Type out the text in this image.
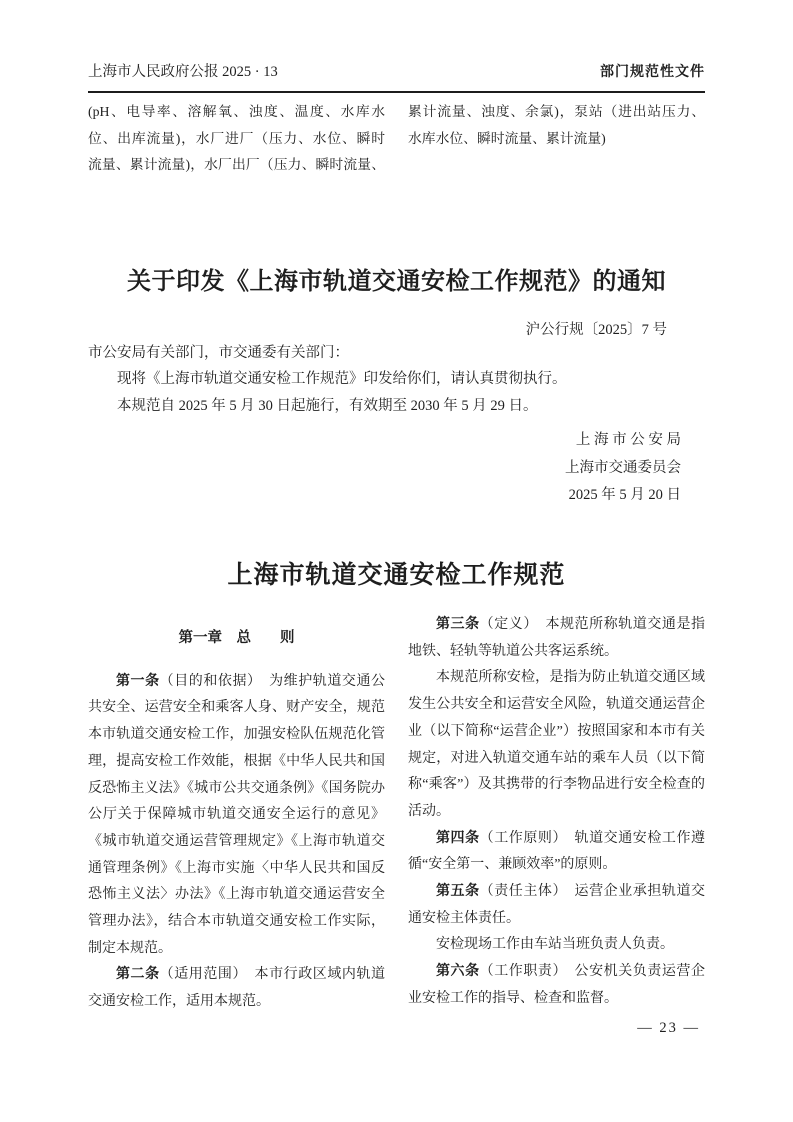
上海市人民政府公报 2025 · 13	部门规范性文件
(pH、电导率、溶解氧、浊度、温度、水库水
位、出库流量)，水厂进厂（压力、水位、瞬时
流量、累计流量)，水厂出厂（压力、瞬时流量、
累计流量、浊度、余氯)，泵站（进出站压力、
水库水位、瞬时流量、累计流量)
关于印发《上海市轨道交通安检工作规范》的通知
沪公行规〔2025〕7 号
市公安局有关部门，市交通委有关部门：

现将《上海市轨道交通安检工作规范》印发给你们，请认真贯彻执行。

本规范自 2025 年 5 月 30 日起施行，有效期至 2030 年 5 月 29 日。

上 海 市 公 安 局
上海市交通委员会
2025 年 5 月 20 日
上海市轨道交通安检工作规范
第一章　总　　则

第一条（目的和依据）　为维护轨道交通公共安全、运营安全和乘客人身、财产安全，规范本市轨道交通安检工作，加强安检队伍规范化管理，提高安检工作效能，根据《中华人民共和国反恐怖主义法》《城市公共交通条例》《国务院办公厅关于保障城市轨道交通安全运行的意见》《城市轨道交通运营管理规定》《上海市轨道交通管理条例》《上海市实施〈中华人民共和国反恐怖主义法〉办法》《上海市轨道交通运营安全管理办法》，结合本市轨道交通安检工作实际，制定本规范。

第二条（适用范围）　本市行政区域内轨道交通安检工作，适用本规范。

第三条（定义）　本规范所称轨道交通是指地铁、轻轨等轨道公共客运系统。

本规范所称安检，是指为防止轨道交通区域发生公共安全和运营安全风险，轨道交通运营企业（以下简称“运营企业”）按照国家和本市有关规定，对进入轨道交通车站的乘车人员（以下简称“乘客”）及其携带的行李物品进行安全检查的活动。

第四条（工作原则）　轨道交通安检工作遵循“安全第一、兼顾效率”的原则。

第五条（责任主体）　运营企业承担轨道交通安检主体责任。

安检现场工作由车站当班负责人负责。

第六条（工作职责）　公安机关负责运营企业安检工作的指导、检查和监督。

— 23 —
